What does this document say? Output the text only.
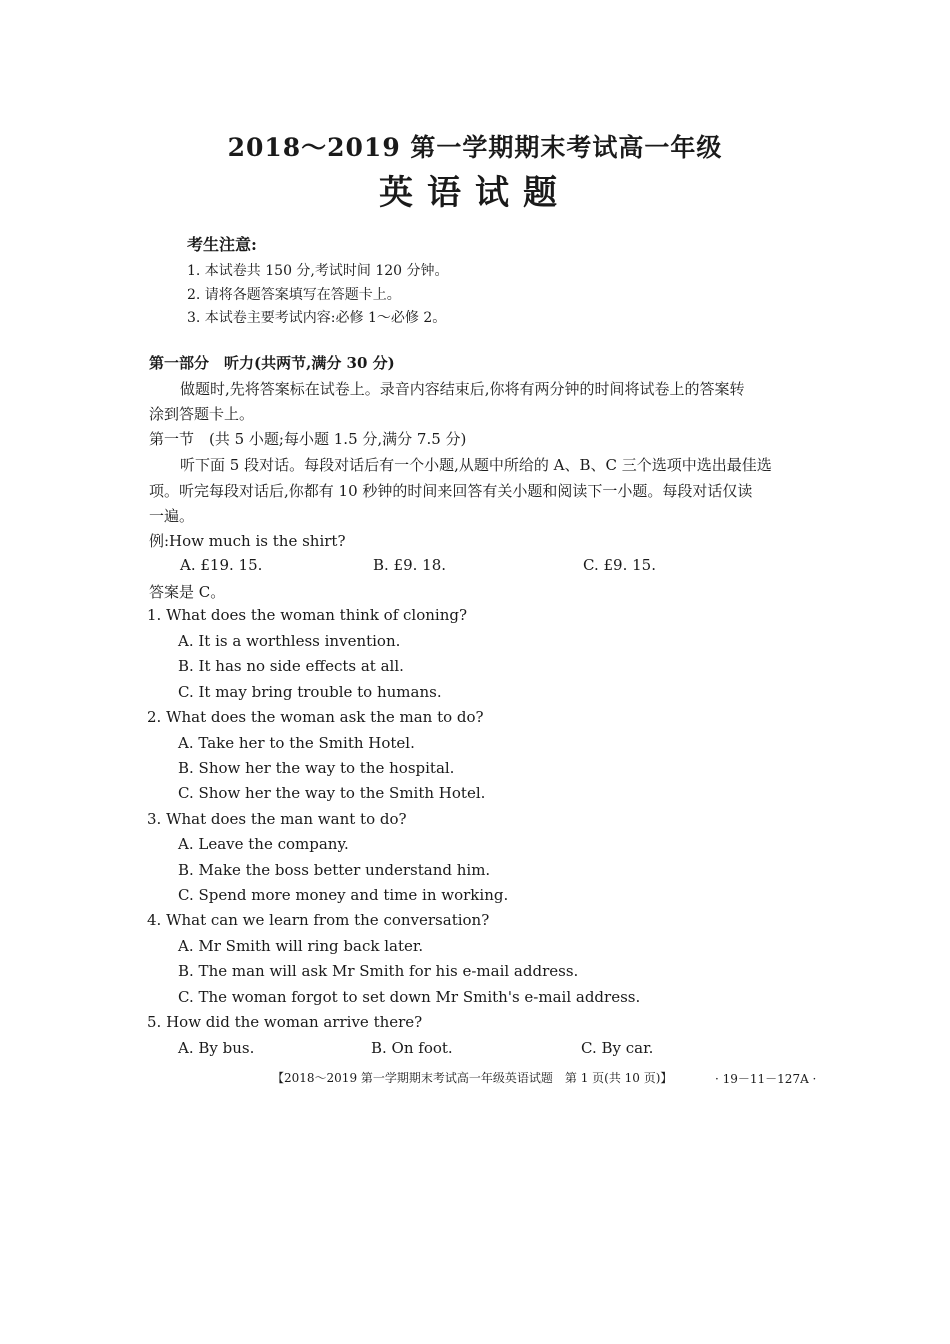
2018～2019 第一学期期末考试高一年级
英语试题
考生注意:
1. 本试卷共 150 分,考试时间 120 分钟。
2. 请将各题答案填写在答题卡上。
3. 本试卷主要考试内容:必修 1～必修 2。
第一部分　听力(共两节,满分 30 分)
做题时,先将答案标在试卷上。录音内容结束后,你将有两分钟的时间将试卷上的答案转
涂到答题卡上。
第一节　(共 5 小题;每小题 1.5 分,满分 7.5 分)
听下面 5 段对话。每段对话后有一个小题,从题中所给的 A、B、C 三个选项中选出最佳选
项。听完每段对话后,你都有 10 秒钟的时间来回答有关小题和阅读下一小题。每段对话仅读
一遍。
例:How much is the shirt?
A. £19. 15.	B. £9. 18.	C. £9. 15.
答案是 C。
1. What does the woman think of cloning?
A. It is a worthless invention.
B. It has no side effects at all.
C. It may bring trouble to humans.
2. What does the woman ask the man to do?
A. Take her to the Smith Hotel.
B. Show her the way to the hospital.
C. Show her the way to the Smith Hotel.
3. What does the man want to do?
A. Leave the company.
B. Make the boss better understand him.
C. Spend more money and time in working.
4. What can we learn from the conversation?
A. Mr Smith will ring back later.
B. The man will ask Mr Smith for his e-mail address.
C. The woman forgot to set down Mr Smith's e-mail address.
5. How did the woman arrive there?
A. By bus.	B. On foot.	C. By car.
【2018～2019 第一学期期末考试高一年级英语试题　第 1 页(共 10 页)】	· 19－11－127A ·
